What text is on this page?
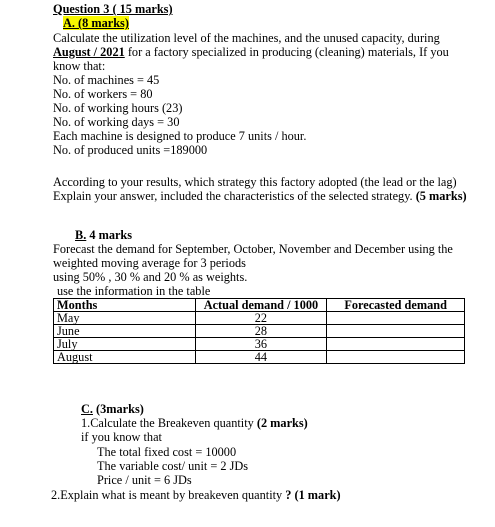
Question 3 ( 15 marks)
A. (8 marks)
Calculate the utilization level of the machines, and the unused capacity, during
August / 2021 for a factory specialized in producing (cleaning) materials, If you
know that:
No. of machines = 45
No. of workers = 80
No. of working hours (23)
No. of working days = 30
Each machine is designed to produce 7 units / hour.
No. of produced units =189000
According to your results, which strategy this factory adopted (the lead or the lag)
Explain your answer, included the characteristics of the selected strategy. (5 marks)
B. 4 marks
Forecast the demand for September, October, November and December using the
weighted moving average for 3 periods
using 50% , 30 % and 20 % as weights.
use the information in the table
Months	Actual demand / 1000	Forecasted demand
May	22	
June	28	
July	36	
August	44	
C. (3marks)
1.Calculate the Breakeven quantity (2 marks)
if you know that
The total fixed cost = 10000
The variable cost/ unit = 2 JDs
Price / unit = 6 JDs
2.Explain what is meant by breakeven quantity ? (1 mark)
